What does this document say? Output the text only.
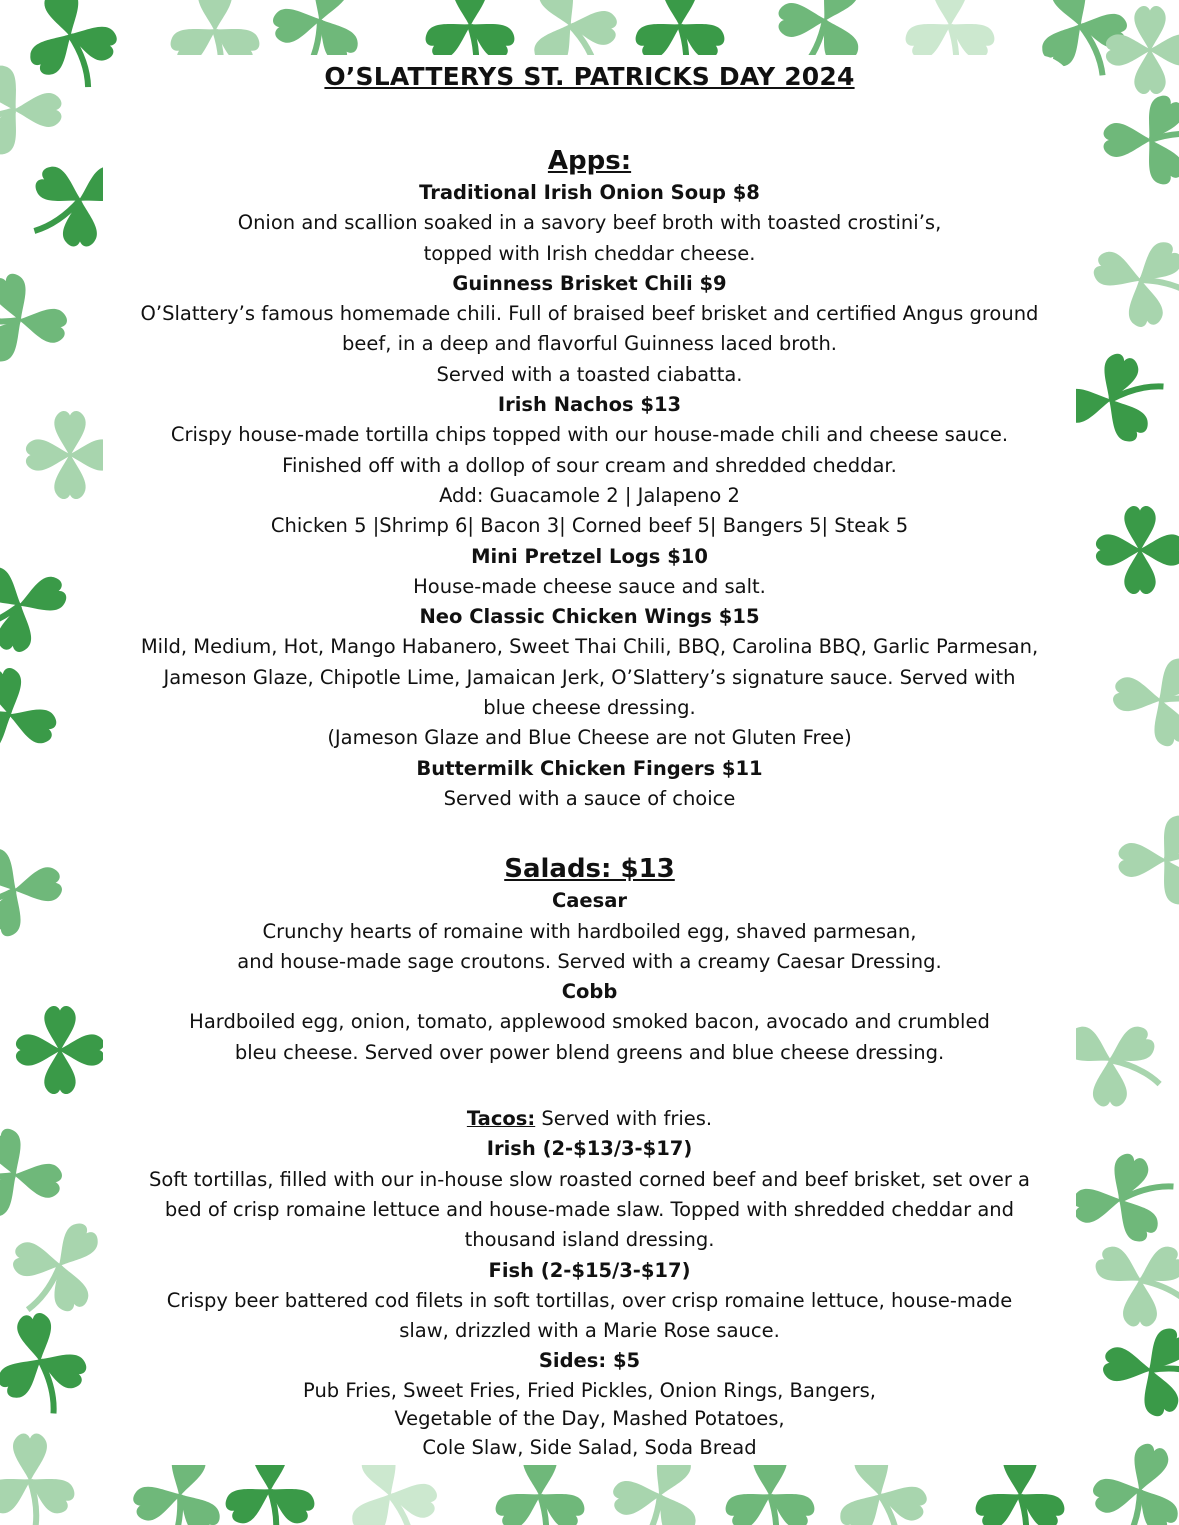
O’SLATTERYS ST. PATRICKS DAY 2024
Apps:

Traditional Irish Onion Soup $8

Onion and scallion soaked in a savory beef broth with toasted crostini’s,

topped with Irish cheddar cheese.

Guinness Brisket Chili $9

O’Slattery’s famous homemade chili. Full of braised beef brisket and certified Angus ground

beef, in a deep and flavorful Guinness laced broth.

Served with a toasted ciabatta.

Irish Nachos $13

Crispy house-made tortilla chips topped with our house-made chili and cheese sauce.

Finished off with a dollop of sour cream and shredded cheddar.

Add: Guacamole 2 | Jalapeno 2

Chicken 5 |Shrimp 6| Bacon 3| Corned beef 5| Bangers 5| Steak 5

Mini Pretzel Logs $10

House-made cheese sauce and salt.

Neo Classic Chicken Wings $15

Mild, Medium, Hot, Mango Habanero, Sweet Thai Chili, BBQ, Carolina BBQ, Garlic Parmesan,

Jameson Glaze, Chipotle Lime, Jamaican Jerk, O’Slattery’s signature sauce. Served with

blue cheese dressing.

(Jameson Glaze and Blue Cheese are not Gluten Free)

Buttermilk Chicken Fingers $11

Served with a sauce of choice

Salads: $13

Caesar

Crunchy hearts of romaine with hardboiled egg, shaved parmesan,

and house-made sage croutons. Served with a creamy Caesar Dressing.

Cobb

Hardboiled egg, onion, tomato, applewood smoked bacon, avocado and crumbled

bleu cheese. Served over power blend greens and blue cheese dressing.

Tacos: Served with fries.

Irish (2-$13/3-$17)

Soft tortillas, filled with our in-house slow roasted corned beef and beef brisket, set over a

bed of crisp romaine lettuce and house-made slaw. Topped with shredded cheddar and

thousand island dressing.

Fish (2-$15/3-$17)

Crispy beer battered cod filets in soft tortillas, over crisp romaine lettuce, house-made

slaw, drizzled with a Marie Rose sauce.

Sides: $5

Pub Fries, Sweet Fries, Fried Pickles, Onion Rings, Bangers,

Vegetable of the Day, Mashed Potatoes,

Cole Slaw, Side Salad, Soda Bread
